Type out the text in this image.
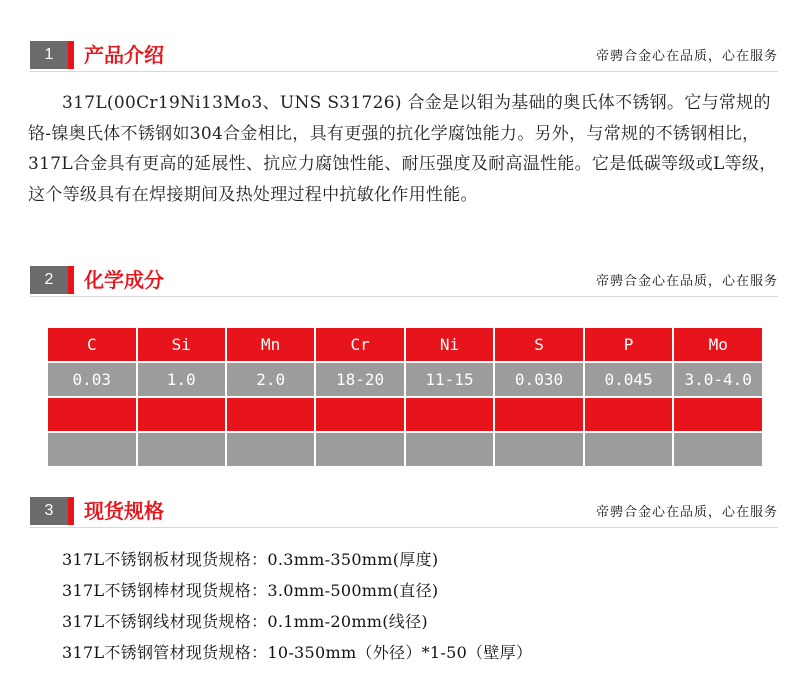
1	产品介绍	帝骋合金心在品质，心在服务

317L(00Cr19Ni13Mo3、UNS S31726) 合金是以钼为基础的奥氏体不锈钢。它与常规的铬-镍奥氏体不锈钢如304合金相比，具有更强的抗化学腐蚀能力。另外，与常规的不锈钢相比，317L合金具有更高的延展性、抗应力腐蚀性能、耐压强度及耐高温性能。它是低碳等级或L等级，这个等级具有在焊接期间及热处理过程中抗敏化作用性能。

2	化学成分	帝骋合金心在品质，心在服务
C	Si	Mn	Cr	Ni	S	P	Mo
0.03	1.0	2.0	18-20	11-15	0.030	0.045	3.0-4.0

3	现货规格	帝骋合金心在品质，心在服务
317L不锈钢板材现货规格：0.3mm-350mm(厚度)
317L不锈钢棒材现货规格：3.0mm-500mm(直径)
317L不锈钢线材现货规格：0.1mm-20mm(线径)
317L不锈钢管材现货规格：10-350mm（外径）*1-50（壁厚）
